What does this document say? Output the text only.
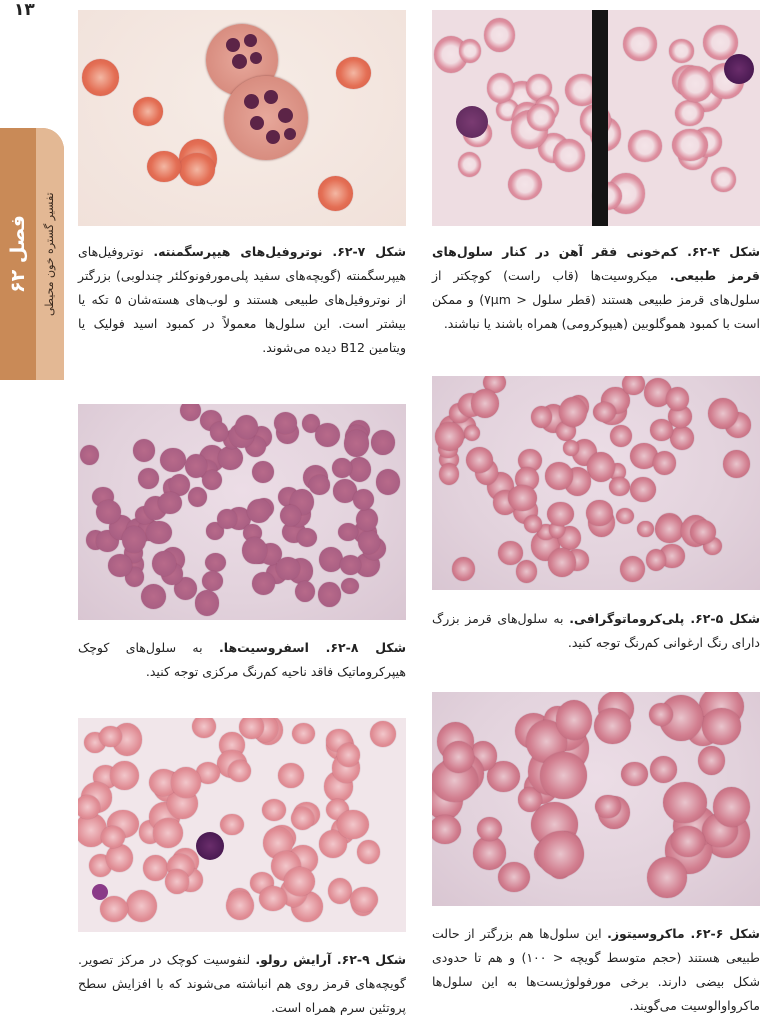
۱۳
فصل ۶۲	تفسیر گستره خون محیطی	شکل ۴-۶۲. کم‌خونی فقر آهن در کنار سلول‌های قرمز طبیعی. میکروسیت‌ها (قاب راست) کوچکتر از سلول‌های قرمز طبیعی هستند (قطر سلول < ۷μm) و ممکن است با کمبود هموگلوبین (هیپوکرومی) همراه باشند یا نباشند.
شکل ۷-۶۲. نوتروفیل‌های هیپرسگمنته. نوتروفیل‌های هیپرسگمنته (گویچه‌های سفید پلی‌مورفونوکلئر چندلوبی) بزرگتر از نوتروفیل‌های طبیعی هستند و لوب‌های هسته‌شان ۵ تکه یا بیشتر است. این سلول‌ها معمولاً در کمبود اسید فولیک یا ویتامین B12 دیده می‌شوند.
شکل ۵-۶۲. پلی‌کروماتوگرافی. به سلول‌های قرمز بزرگ دارای رنگ ارغوانی کم‌رنگ توجه کنید.
شکل ۸-۶۲. اسفروسیت‌ها. به سلول‌های کوچک هیپرکروماتیک فاقد ناحیه کم‌رنگ مرکزی توجه کنید.
شکل ۶-۶۲. ماکروسیتوز. این سلول‌ها هم بزرگتر از حالت طبیعی هستند (حجم متوسط گویچه < ۱۰۰) و هم تا حدودی شکل بیضی دارند. برخی مورفولوژیست‌ها به این سلول‌ها ماکرواوالوسیت می‌گویند.
شکل ۹-۶۲. آرایش رولو. لنفوسیت کوچک در مرکز تصویر. گویچه‌های قرمز روی هم انباشته می‌شوند که با افزایش سطح پروتئین سرم همراه است.
